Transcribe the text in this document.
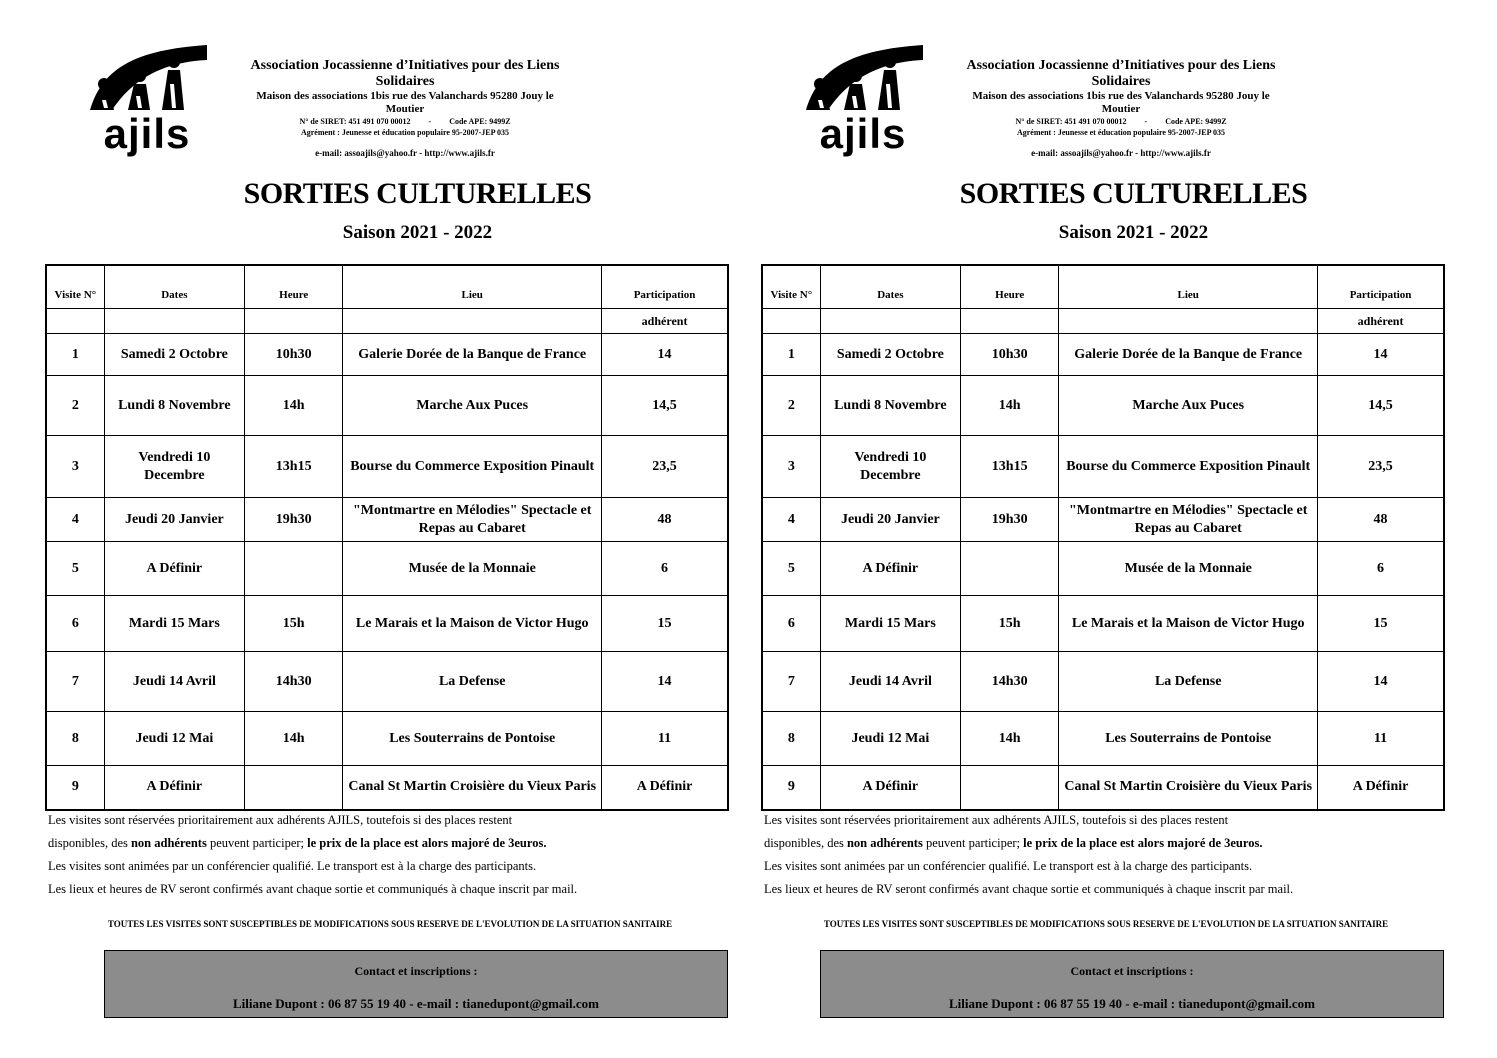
ajils
Association Jocassienne d’Initiatives pour des Liens Solidaires
Maison des associations 1bis rue des Valanchards 95280 Jouy le Moutier
N° de SIRET: 451 491 070 00012 - Code APE: 9499Z
Agrément : Jeunesse et éducation populaire 95-2007-JEP 035
e-mail: assoajils@yahoo.fr - http://www.ajils.fr
SORTIES CULTURELLES
Saison 2021 - 2022
Visite N°	Dates	Heure	Lieu	Participation
				adhérent
1	Samedi 2 Octobre	10h30	Galerie Dorée de la Banque de France	14
2	Lundi 8 Novembre	14h	Marche Aux Puces	14,5
3	Vendredi 10 Decembre	13h15	Bourse du Commerce Exposition Pinault	23,5
4	Jeudi 20 Janvier	19h30	"Montmartre en Mélodies" Spectacle et Repas au Cabaret	48
5	A Définir		Musée de la Monnaie	6
6	Mardi 15 Mars	15h	Le Marais et la Maison de Victor Hugo	15
7	Jeudi 14 Avril	14h30	La Defense	14
8	Jeudi 12 Mai	14h	Les Souterrains de Pontoise	11
9	A Définir		Canal St Martin Croisière du Vieux Paris	A Définir
Les visites sont réservées prioritairement aux adhérents AJILS, toutefois si des places restent
disponibles, des non adhérents peuvent participer; le prix de la place est alors majoré de 3euros.
Les visites sont animées par un conférencier qualifié. Le transport est à la charge des participants.
Les lieux et heures de RV seront confirmés avant chaque sortie et communiqués à chaque inscrit par mail.
TOUTES LES VISITES SONT SUSCEPTIBLES DE MODIFICATIONS SOUS RESERVE DE L'EVOLUTION DE LA SITUATION SANITAIRE
Contact et inscriptions :
Liliane Dupont : 06 87 55 19 40 - e-mail : tianedupont@gmail.com
ajils
Association Jocassienne d’Initiatives pour des Liens Solidaires
Maison des associations 1bis rue des Valanchards 95280 Jouy le Moutier
N° de SIRET: 451 491 070 00012 - Code APE: 9499Z
Agrément : Jeunesse et éducation populaire 95-2007-JEP 035
e-mail: assoajils@yahoo.fr - http://www.ajils.fr
SORTIES CULTURELLES
Saison 2021 - 2022
Visite N°	Dates	Heure	Lieu	Participation
				adhérent
1	Samedi 2 Octobre	10h30	Galerie Dorée de la Banque de France	14
2	Lundi 8 Novembre	14h	Marche Aux Puces	14,5
3	Vendredi 10 Decembre	13h15	Bourse du Commerce Exposition Pinault	23,5
4	Jeudi 20 Janvier	19h30	"Montmartre en Mélodies" Spectacle et Repas au Cabaret	48
5	A Définir		Musée de la Monnaie	6
6	Mardi 15 Mars	15h	Le Marais et la Maison de Victor Hugo	15
7	Jeudi 14 Avril	14h30	La Defense	14
8	Jeudi 12 Mai	14h	Les Souterrains de Pontoise	11
9	A Définir		Canal St Martin Croisière du Vieux Paris	A Définir
Les visites sont réservées prioritairement aux adhérents AJILS, toutefois si des places restent
disponibles, des non adhérents peuvent participer; le prix de la place est alors majoré de 3euros.
Les visites sont animées par un conférencier qualifié. Le transport est à la charge des participants.
Les lieux et heures de RV seront confirmés avant chaque sortie et communiqués à chaque inscrit par mail.
TOUTES LES VISITES SONT SUSCEPTIBLES DE MODIFICATIONS SOUS RESERVE DE L'EVOLUTION DE LA SITUATION SANITAIRE
Contact et inscriptions :
Liliane Dupont : 06 87 55 19 40 - e-mail : tianedupont@gmail.com
